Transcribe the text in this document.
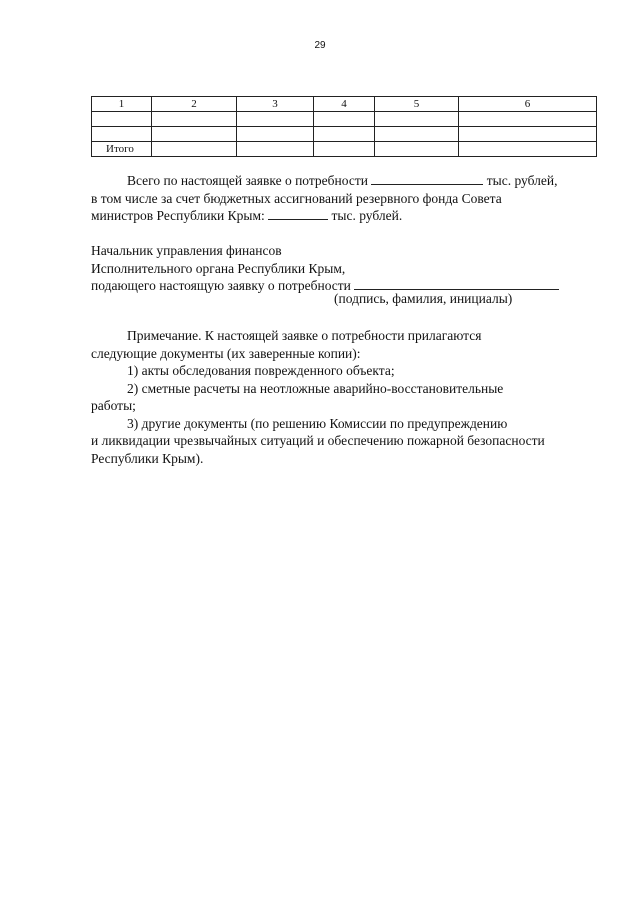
29
1	2	3	4	5	6

Итого					
Всего по настоящей заявке о потребности	тыс. рублей,
в том числе за счет бюджетных ассигнований резервного фонда Совета
министров Республики Крым:	тыс. рублей.
Начальник управления финансов
Исполнительного органа Республики Крым,
подающего настоящую заявку о потребности
(подпись, фамилия, инициалы)
Примечание. К настоящей заявке о потребности прилагаются
следующие документы (их заверенные копии):
1) акты обследования поврежденного объекта;
2) сметные расчеты на неотложные аварийно-восстановительные
работы;
3) другие документы (по решению Комиссии по предупреждению
и ликвидации чрезвычайных ситуаций и обеспечению пожарной безопасности
Республики Крым).
